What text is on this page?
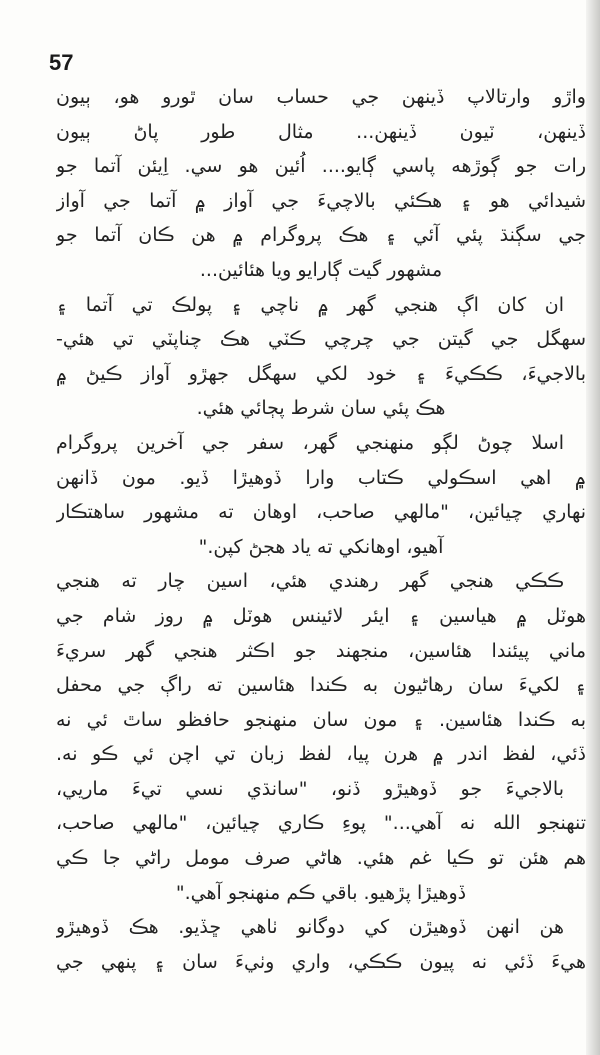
57
واڙو وارتالاپ ڏينهن جي حساب سان ٿورو هو، ٻيون
ڏينهن، ٽيون ڏينهن... مثال طور پاڻ ٻيون
رات جو ڳوڙهه پاسي ڳايو.... اُئين هو سي. اِيئن آتما جو
شيدائي هو ۽ هڪئي بالاچيءَ جي آواز ۾ آتما جي آواز
جي سڳنڌ پئي آئي ۽ هڪ پروگرام ۾ هن ڪان آتما جو
مشهور گيت ڳارايو ويا هئائين...
ان کان اڳ هنجي گهر ۾ ناچي ۽ پولڪ تي آتما ۽
سهگل جي گيتن جي چرچي ڪٽي هڪ چناپٽي تي هئي-
بالاجيءَ، ڪڪيءَ ۽ خود لکي سهگل جهڙو آواز ڪيڻ ۾
هڪ پئي سان شرط پڄائي هئي.
اسلا چوڻ لڳو منهنجي گهر، سفر جي آخرين پروگرام
۾ اهي اسڪولي ڪتاب وارا ڏوهيڙا ڏيو. مون ڏانهن
نهاري چيائين، "مالهي صاحب، اوهان ته مشهور ساهتڪار
آهيو، اوهانکي ته ياد هجڻ کپن."
ڪڪي هنجي گهر رهندي هئي، اسين چار ته هنجي
هوٽل ۾ هياسين ۽ ايئر لائينس هوٽل ۾ روز شام جي
ماني پيئندا هئاسين، منجهند جو اڪثر هنجي گهر سريءَ
۽ لکيءَ سان رهاڻيون به ڪندا هئاسين ته راڳ جي محفل
به ڪندا هئاسين. ۽ مون سان منهنجو حافظو ساٿ ئي نه
ڏئي، لفظ اندر ۾ هرن پيا، لفظ زبان تي اچن ئي ڪو نه.
بالاجيءَ جو ڏوهيڙو ڏنو، "سانڌي نسي تيءَ ماريي،
تنهنجو الله نه آهي..." پوءِ ڪاري چيائين، "مالهي صاحب،
هم هئن تو ڪيا غم هئي. هاڻي صرف مومل راڻي جا ڪي
ڏوهيڙا پڙهيو. باقي ڪم منهنجو آهي."
هن انهن ڏوهيڙن کي دوگانو ٺاهي ڇڏيو. هڪ ڏوهيڙو
هيءَ ڏئي نه پيون ڪڪي، واري وٺيءَ سان ۽ پنهي جي
